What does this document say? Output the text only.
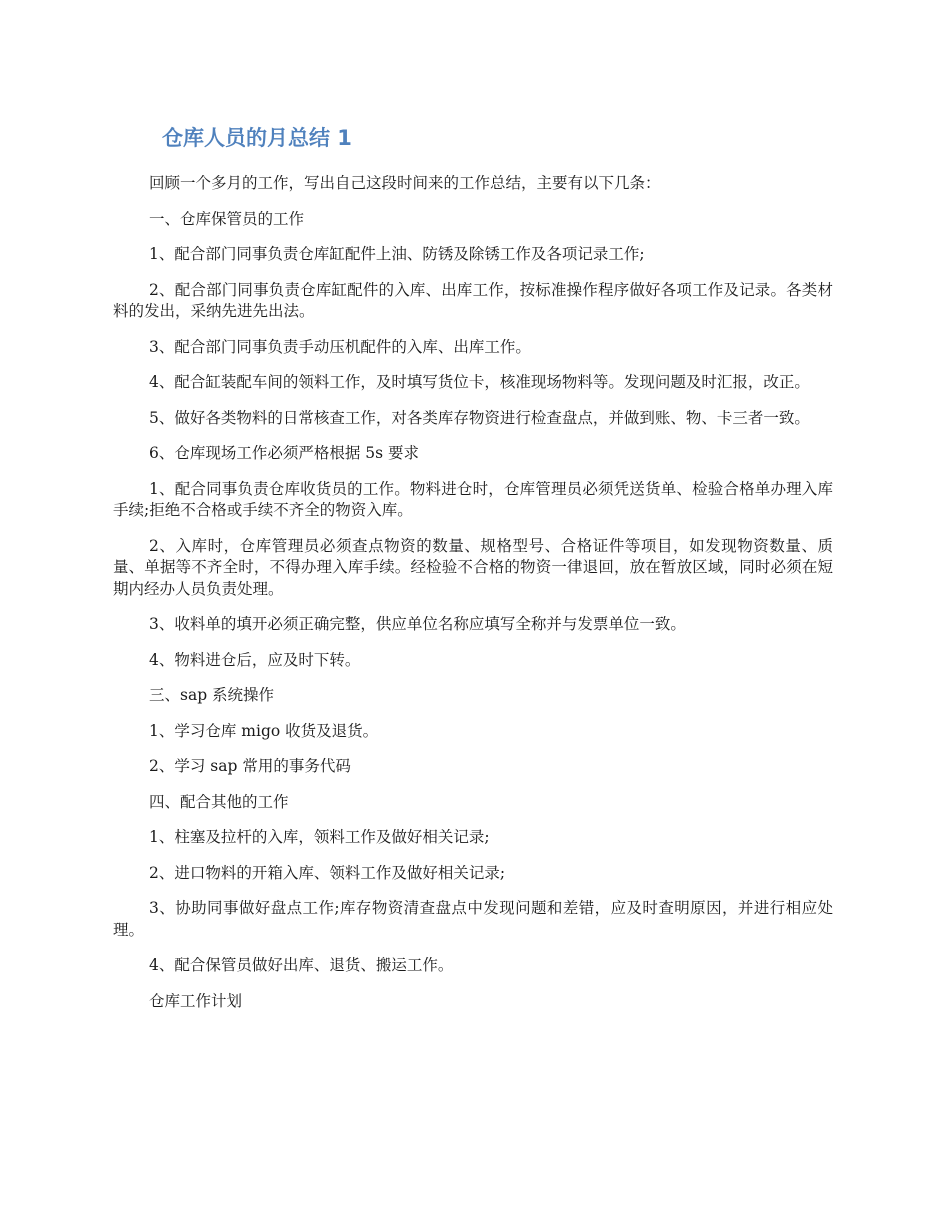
仓库人员的月总结 1

回顾一个多月的工作，写出自己这段时间来的工作总结，主要有以下几条：

一、仓库保管员的工作

1、配合部门同事负责仓库缸配件上油、防锈及除锈工作及各项记录工作;

2、配合部门同事负责仓库缸配件的入库、出库工作，按标准操作程序做好各项工作及记录。各类材料的发出，采纳先进先出法。

3、配合部门同事负责手动压机配件的入库、出库工作。

4、配合缸装配车间的领料工作，及时填写货位卡，核准现场物料等。发现问题及时汇报，改正。

5、做好各类物料的日常核查工作，对各类库存物资进行检查盘点，并做到账、物、卡三者一致。

6、仓库现场工作必须严格根据 5s 要求

1、配合同事负责仓库收货员的工作。物料进仓时，仓库管理员必须凭送货单、检验合格单办理入库手续;拒绝不合格或手续不齐全的物资入库。

2、入库时，仓库管理员必须查点物资的数量、规格型号、合格证件等项目，如发现物资数量、质量、单据等不齐全时，不得办理入库手续。经检验不合格的物资一律退回，放在暂放区域，同时必须在短期内经办人员负责处理。

3、收料单的填开必须正确完整，供应单位名称应填写全称并与发票单位一致。

4、物料进仓后，应及时下转。

三、sap 系统操作

1、学习仓库 migo 收货及退货。

2、学习 sap 常用的事务代码

四、配合其他的工作

1、柱塞及拉杆的入库，领料工作及做好相关记录;

2、进口物料的开箱入库、领料工作及做好相关记录;

3、协助同事做好盘点工作;库存物资清查盘点中发现问题和差错，应及时查明原因，并进行相应处理。

4、配合保管员做好出库、退货、搬运工作。

仓库工作计划
